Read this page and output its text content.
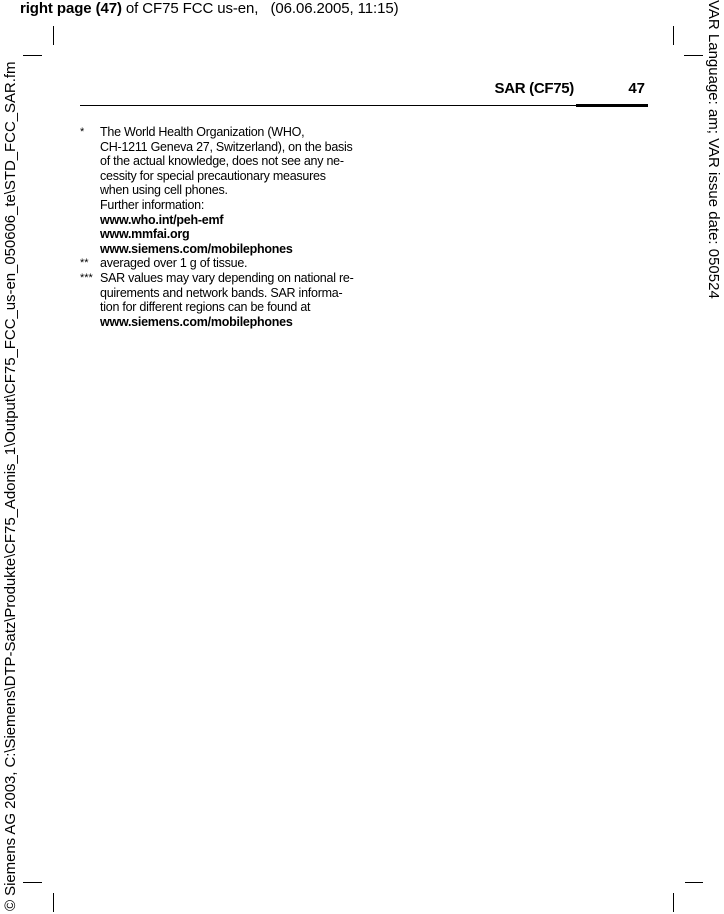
right page (47) of CF75 FCC us-en,   (06.06.2005, 11:15)
© Siemens AG 2003, C:\Siemens\DTP-Satz\Produkte\CF75_Adonis_1\Output\CF75_FCC_us-en_050606_te\STD_FCC_SAR.fm	VAR Language: am; VAR issue date: 050524
SAR (CF75)	47
*	The World Health Organization (WHO,
CH-1211 Geneva 27, Switzerland), on the basis
of the actual knowledge, does not see any ne-
cessity for special precautionary measures
when using cell phones.
Further information:
www.who.int/peh-emf
www.mmfai.org
www.siemens.com/mobilephones
** averaged over 1 g of tissue.
*** SAR values may vary depending on national re-
quirements and network bands. SAR informa-
tion for different regions can be found at
www.siemens.com/mobilephones
